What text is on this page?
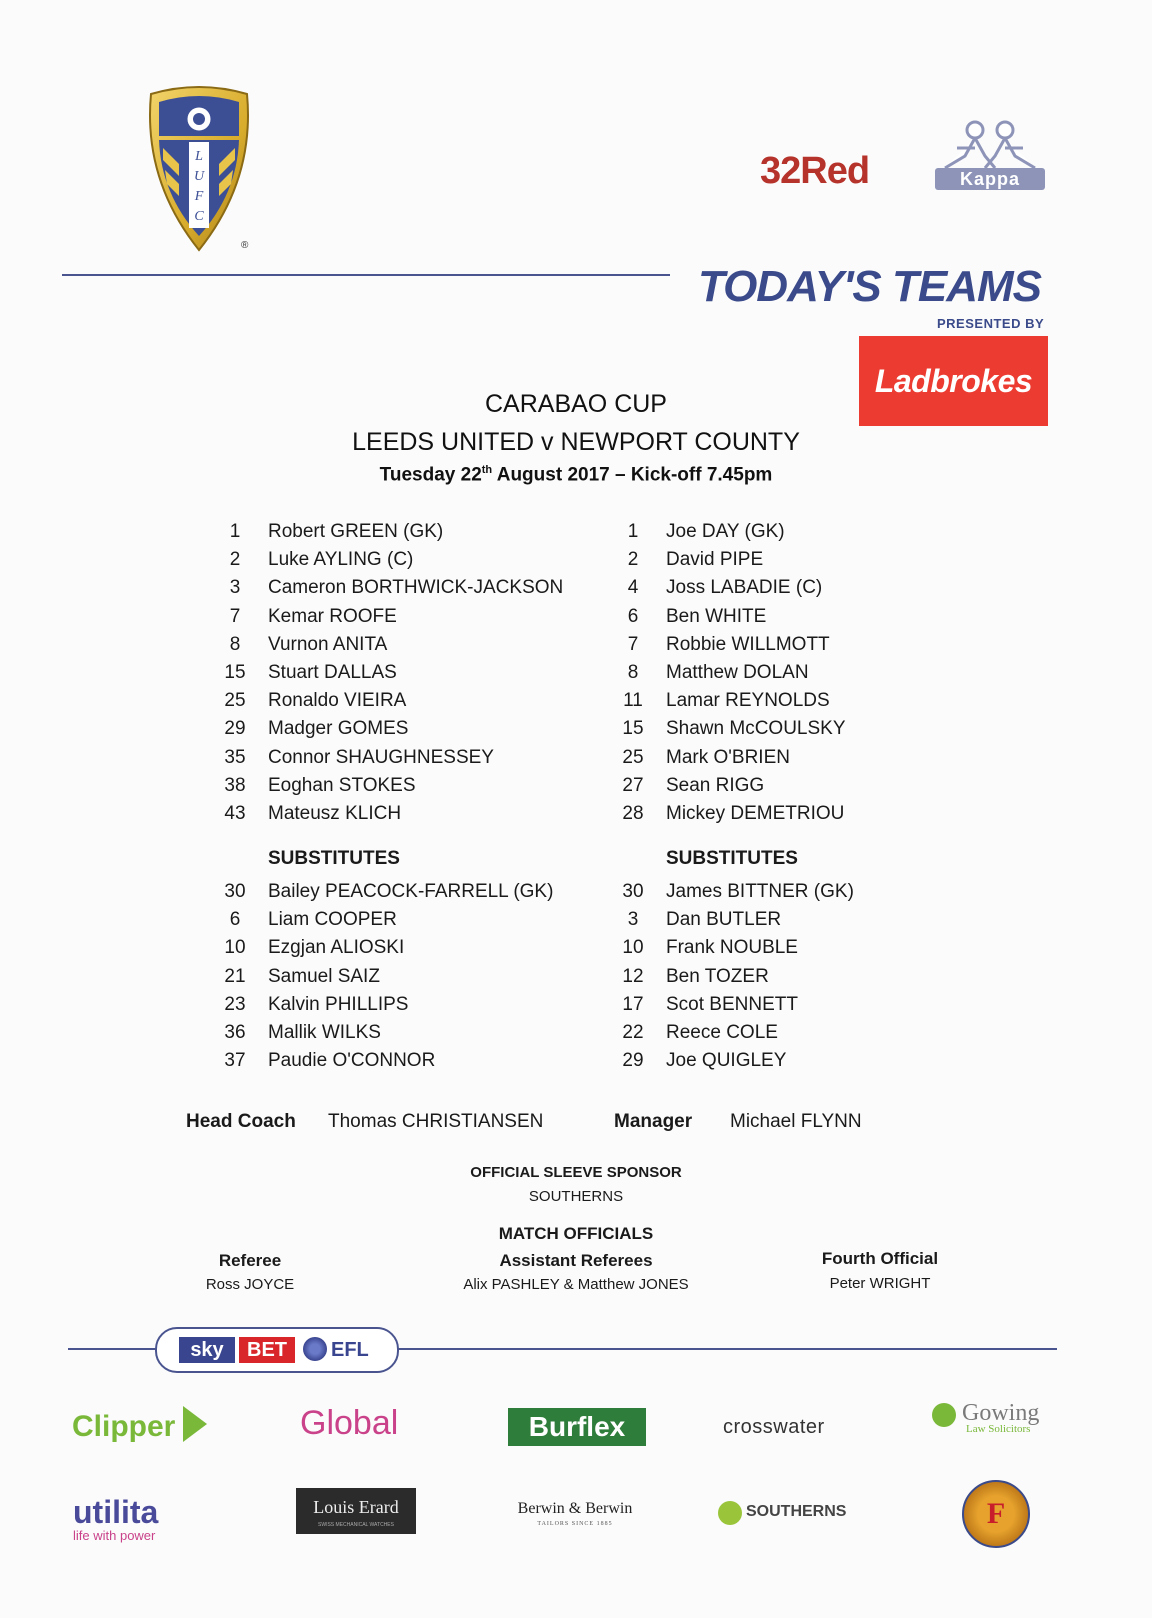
L
U
F
C
®
32Red	Kappa
TODAY'S TEAMS
PRESENTED BY
Ladbrokes
CARABAO CUP
LEEDS UNITED v NEWPORT COUNTY
Tuesday 22th August 2017 – Kick-off 7.45pm
1	Robert GREEN (GK)
2	Luke AYLING (C)
3	Cameron BORTHWICK-JACKSON
7	Kemar ROOFE
8	Vurnon ANITA
15 Stuart DALLAS
25 Ronaldo VIEIRA
29 Madger GOMES
35 Connor SHAUGHNESSEY
38 Eoghan STOKES
43 Mateusz KLICH
SUBSTITUTES
30 Bailey PEACOCK-FARRELL (GK)
6	Liam COOPER
10 Ezgjan ALIOSKI
21 Samuel SAIZ
23 Kalvin PHILLIPS
36 Mallik WILKS
37 Paudie O'CONNOR
1	Joe DAY (GK)
2	David PIPE
4	Joss LABADIE (C)
6	Ben WHITE
7	Robbie WILLMOTT
8	Matthew DOLAN
11 Lamar REYNOLDS
15 Shawn McCOULSKY
25 Mark O'BRIEN
27 Sean RIGG
28 Mickey DEMETRIOU
SUBSTITUTES
30 James BITTNER (GK)
3	Dan BUTLER
10 Frank NOUBLE
12 Ben TOZER
17 Scot BENNETT
22 Reece COLE
29 Joe QUIGLEY
Head Coach Thomas CHRISTIANSEN	Manager Michael FLYNN
OFFICIAL SLEEVE SPONSOR
SOUTHERNS
MATCH OFFICIALS
Referee
Ross JOYCE
Assistant Referees
Alix PASHLEY & Matthew JONES
Fourth Official
Peter WRIGHT
sky	BET	EFL
Clipper	Global	Burflex	crosswater
Gowing
Law Solicitors
utilita
life with power
Louis Erard
SWISS MECHANICAL WATCHES
Berwin & Berwin
TAILORS SINCE 1885
SOUTHERNS	F
